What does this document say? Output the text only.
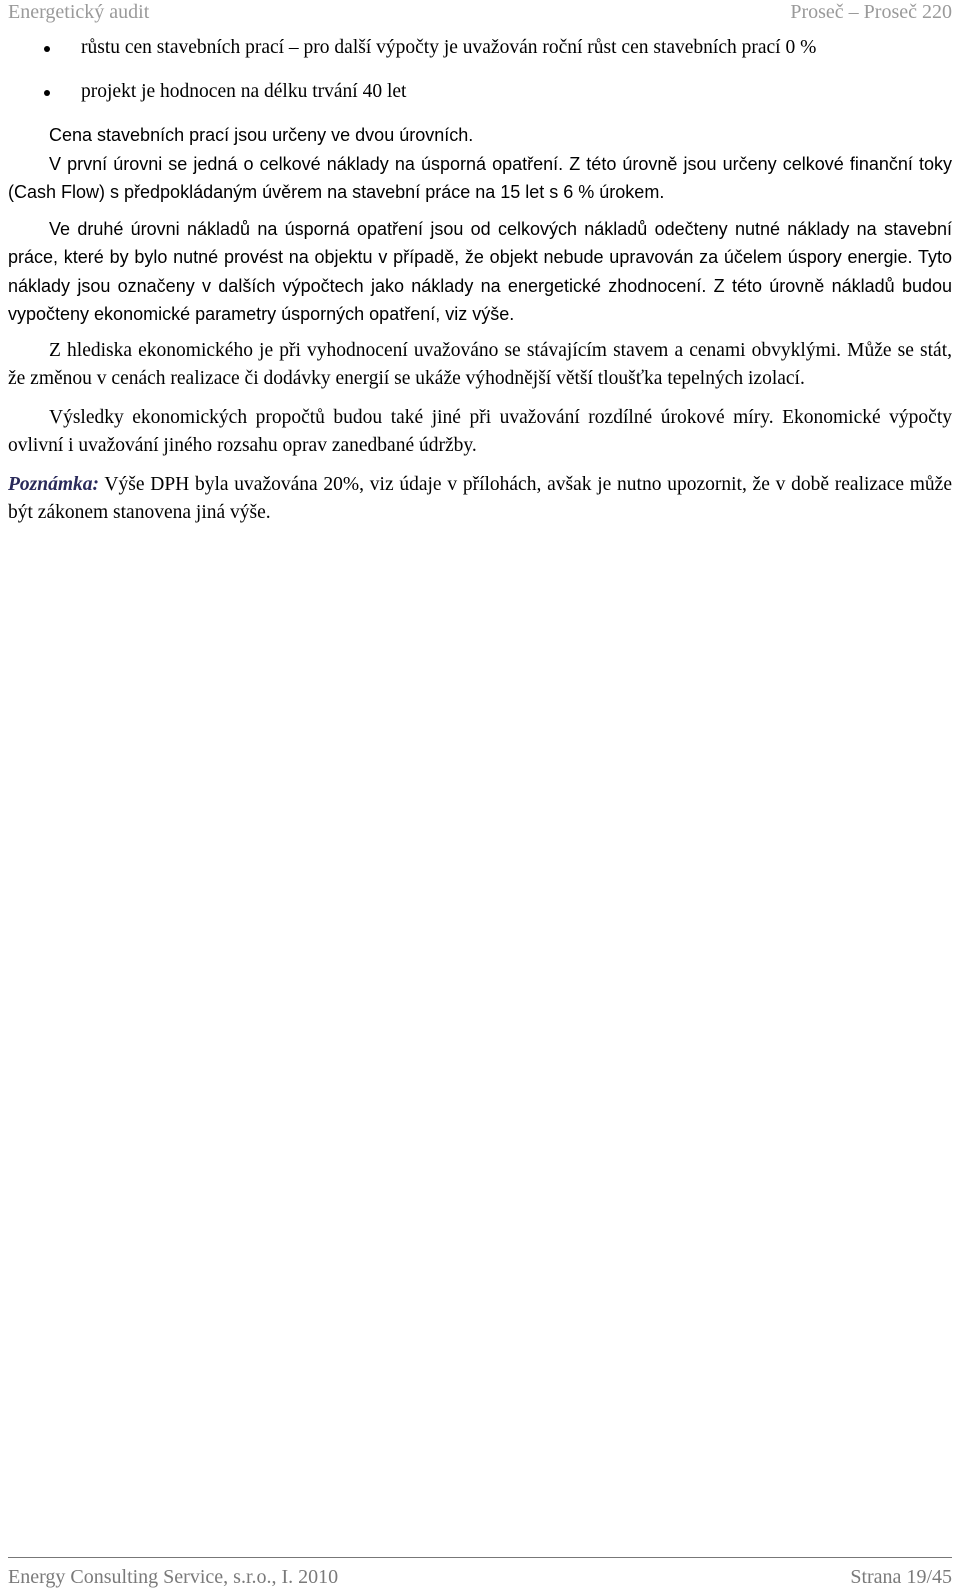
Energetický audit	Proseč – Proseč 220
růstu cen stavebních prací – pro další výpočty je uvažován roční růst cen stavebních prací 0 %
projekt je hodnocen na délku trvání 40 let

Cena stavebních prací jsou určeny ve dvou úrovních.

V první úrovni se jedná o celkové náklady na úsporná opatření. Z této úrovně jsou určeny celkové finanční toky (Cash Flow) s předpokládaným úvěrem na stavební práce na 15 let s 6 % úrokem.

Ve druhé úrovni nákladů na úsporná opatření jsou od celkových nákladů odečteny nutné náklady na stavební práce, které by bylo nutné provést na objektu v případě, že objekt nebude upravován za účelem úspory energie. Tyto náklady jsou označeny v dalších výpočtech jako náklady na energetické zhodnocení. Z této úrovně nákladů budou vypočteny ekonomické parametry úsporných opatření, viz výše.

Z hlediska ekonomického je při vyhodnocení uvažováno se stávajícím stavem a cenami obvyklými. Může se stát, že změnou v cenách realizace či dodávky energií se ukáže výhodnější větší tloušťka tepelných izolací.

Výsledky ekonomických propočtů budou také jiné při uvažování rozdílné úrokové míry. Ekonomické výpočty ovlivní i uvažování jiného rozsahu oprav zanedbané údržby.

Poznámka: Výše DPH byla uvažována 20%, viz údaje v přílohách, avšak je nutno upozornit, že v době realizace může být zákonem stanovena jiná výše.

Energy Consulting Service, s.r.o., I. 2010	Strana 19/45
